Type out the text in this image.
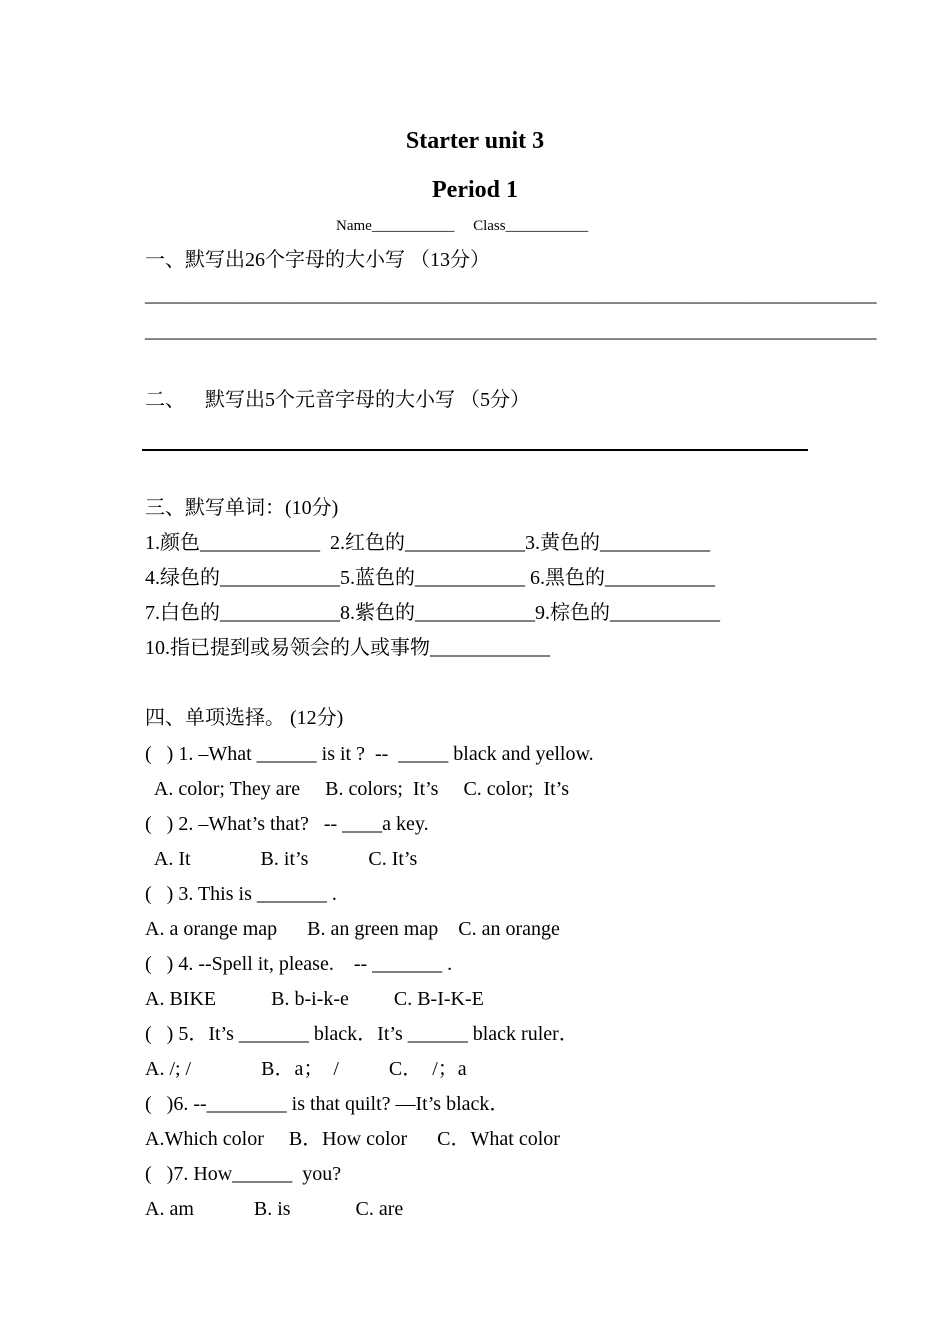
Starter unit 3
Period 1
Name___________     Class___________
一、默写出26个字母的大小写 （13分）
_____________________________________________________________________________
_____________________________________________________________________________
二、    默写出5个元音字母的大小写 （5分）
三、默写单词：(10分)
1.颜色____________  2.红色的____________3.黄色的___________
4.绿色的____________5.蓝色的___________ 6.黑色的___________
7.白色的____________8.紫色的____________9.棕色的___________
10.指已提到或易领会的人或事物____________
四、单项选择。 (12分)
(   ) 1. –What ______ is it ?  --  _____ black and yellow.
A. color; They are     B. colors;  It’s     C. color;  It’s
(   ) 2. –What’s that?   -- ____a key.
A. It              B. it’s            C. It’s
(   ) 3. This is _______ .
A. a orange map      B. an green map    C. an orange
(   ) 4. --Spell it, please.    -- _______ .
A. BIKE           B. b-i-k-e         C. B-I-K-E
(   ) 5．It’s _______ black．It’s ______ black ruler．
A. /; /              B．a；  /          C．  /；a
(   )6. --________ is that quilt? —It’s black．
A.Which color     B．How color      C．What color
(   )7. How______  you?
A. am            B. is             C. are
